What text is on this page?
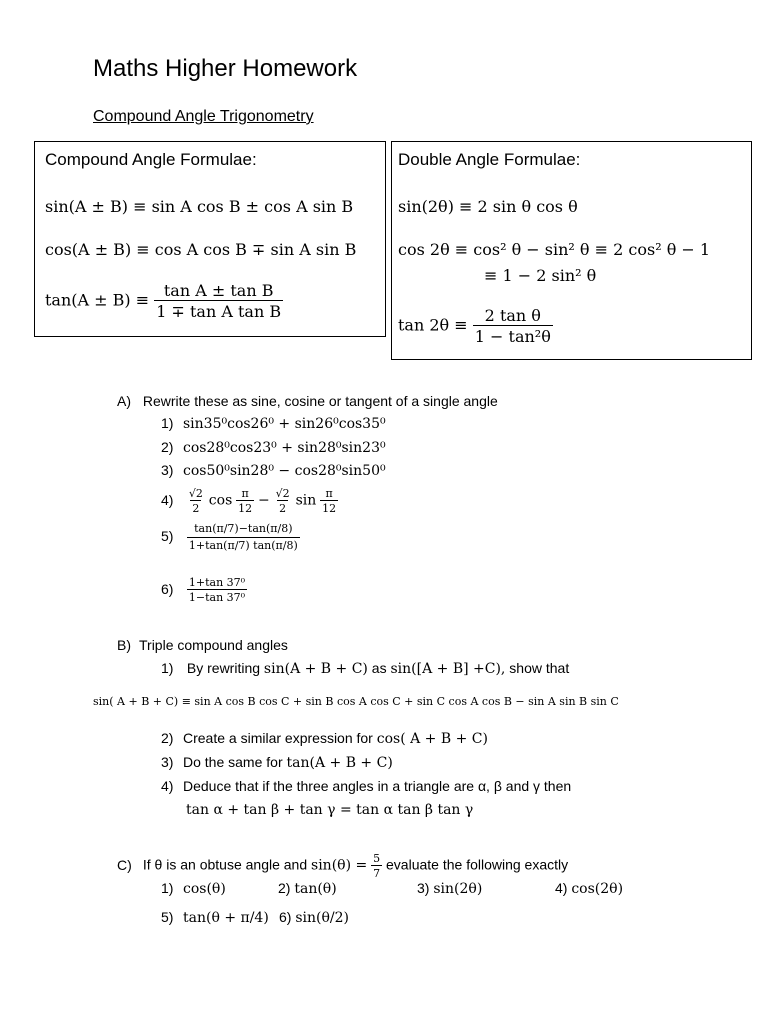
Maths Higher Homework
Compound Angle Trigonometry
Compound Angle Formulae:
sin(A ± B) ≡ sin A cos B ± cos A sin B
cos(A ± B) ≡ cos A cos B ∓ sin A sin B
$\tan(A \pm B) \equiv \frac{\text{tan A ± tan B}}{\text{1 ∓ tan A tan B}}$
Double Angle Formulae:
sin(2θ) ≡ 2 sin θ cos θ
cos 2θ ≡ cos² θ − sin² θ ≡ 2 cos² θ − 1
≡ 1 − 2 sin² θ
$\tan 2\theta \equiv \frac{\text{2 tan θ}}{\text{1 − tan²θ}}$
A) Rewrite these as sine, cosine or tangent of a single angle
1) sin35⁰cos26⁰ + sin26⁰cos35⁰
2) cos28⁰cos23⁰ + sin28⁰sin23⁰
3) cos50⁰sin28⁰ − cos28⁰sin50⁰
$4) \frac{√2}{2}$ $\cos \frac{\pi}{12} - \frac{√2}{2}$ $\sin \frac{\pi}{12}$
$5) \frac{\tan(\pi/7)-\tan(\pi/8)}{1+\tan(\pi/7) \tan(\pi/8)}$
$6) \frac{\text{1+tan 37⁰}}{\text{1−tan 37⁰}}$
B) Triple compound angles
1) By rewriting sin(A + B + C) as sin([A + B] +C), show that
sin( A + B + C) ≡ sin A cos B cos C + sin B cos A cos C + sin C cos A cos B − sin A sin B sin C
2) Create a similar expression for cos( A + B + C)
3) Do the same for tan(A + B + C)
4) Deduce that if the three angles in a triangle are α, β and γ then
tan α + tan β + tan γ = tan α tan β tan γ
C) If θ is an obtuse angle and $\sin(\theta) = \frac{5}{7}$ evaluate the following exactly
1) cos(θ)	2) tan(θ)	3) sin(2θ)	4) cos(2θ)
5) tan(θ + π/4) 6) sin(θ/2)
